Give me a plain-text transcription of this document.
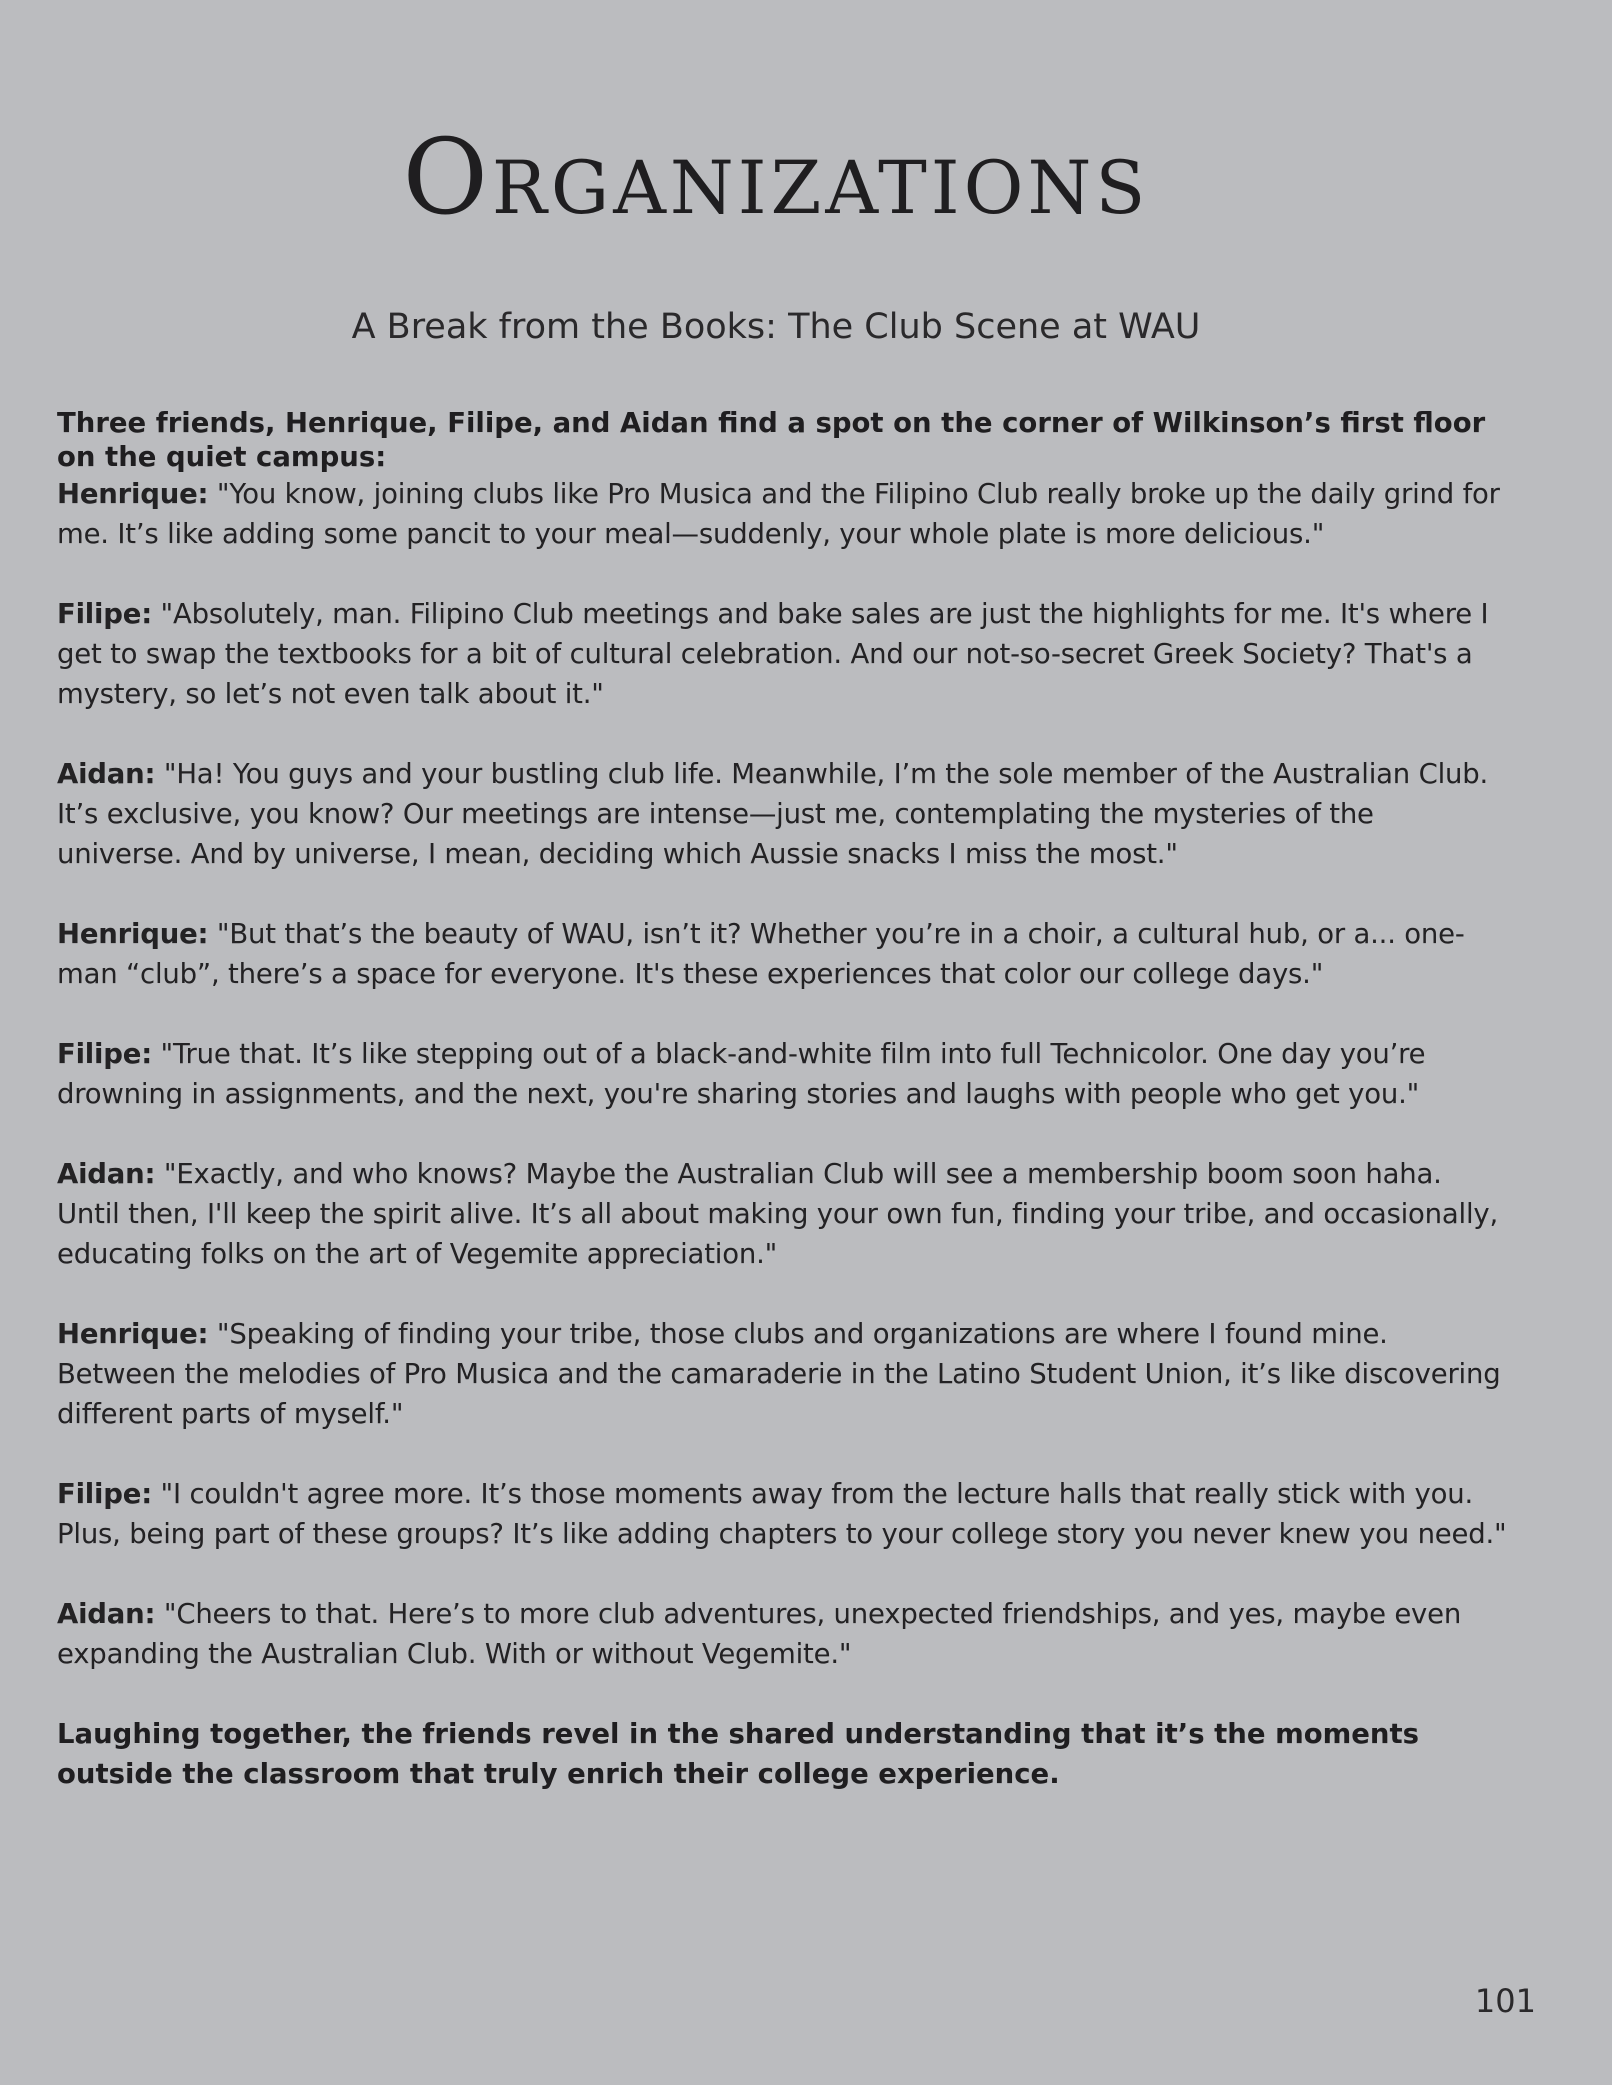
Organizations
A Break from the Books: The Club Scene at WAU

Three friends, Henrique, Filipe, and Aidan find a spot on the corner of Wilkinson’s first floor on the quiet campus:

Henrique: "You know, joining clubs like Pro Musica and the Filipino Club really broke up the daily grind for me. It’s like adding some pancit to your meal—suddenly, your whole plate is more delicious."
Filipe: "Absolutely, man. Filipino Club meetings and bake sales are just the highlights for me. It's where I get to swap the textbooks for a bit of cultural celebration. And our not-so-secret Greek Society? That's a mystery, so let’s not even talk about it."
Aidan: "Ha! You guys and your bustling club life. Meanwhile, I’m the sole member of the Australian Club. It’s exclusive, you know? Our meetings are intense—just me, contemplating the mysteries of the universe. And by universe, I mean, deciding which Aussie snacks I miss the most."
Henrique: "But that’s the beauty of WAU, isn’t it? Whether you’re in a choir, a cultural hub, or a... one-man “club”, there’s a space for everyone. It's these experiences that color our college days."
Filipe: "True that. It’s like stepping out of a black-and-white film into full Technicolor. One day you’re drowning in assignments, and the next, you're sharing stories and laughs with people who get you."
Aidan: "Exactly, and who knows? Maybe the Australian Club will see a membership boom soon haha. Until then, I'll keep the spirit alive. It’s all about making your own fun, finding your tribe, and occasionally, educating folks on the art of Vegemite appreciation."
Henrique: "Speaking of finding your tribe, those clubs and organizations are where I found mine. Between the melodies of Pro Musica and the camaraderie in the Latino Student Union, it’s like discovering different parts of myself."
Filipe: "I couldn't agree more. It’s those moments away from the lecture halls that really stick with you. Plus, being part of these groups? It’s like adding chapters to your college story you never knew you need."
Aidan: "Cheers to that. Here’s to more club adventures, unexpected friendships, and yes, maybe even expanding the Australian Club. With or without Vegemite."

Laughing together, the friends revel in the shared understanding that it’s the moments outside the classroom that truly enrich their college experience.

101
